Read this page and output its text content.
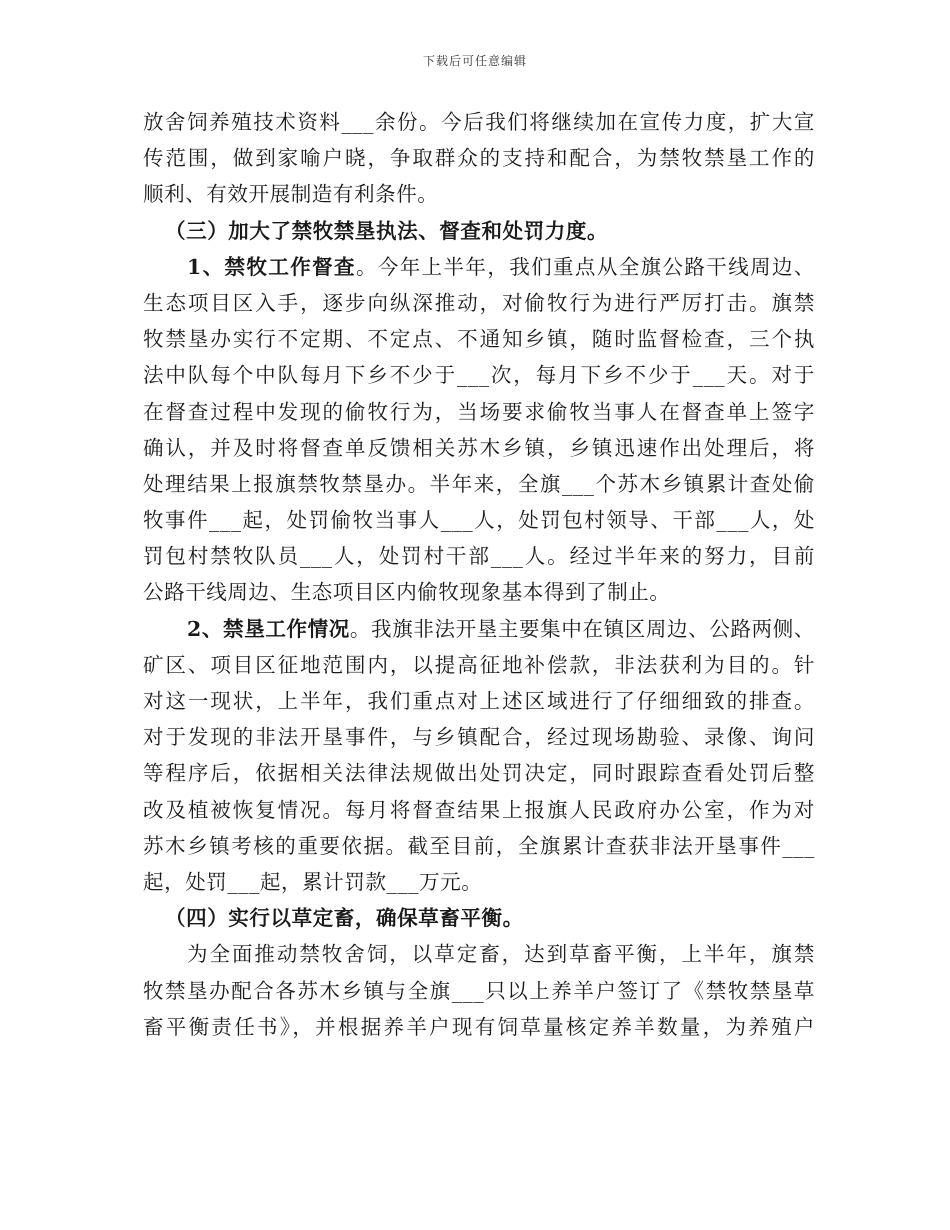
下载后可任意编辑
放舍饲养殖技术资料___余份。今后我们将继续加在宣传力度，扩大宣
传范围，做到家喻户晓，争取群众的支持和配合，为禁牧禁垦工作的
顺利、有效开展制造有利条件。
（三）加大了禁牧禁垦执法、督查和处罚力度。
1、禁牧工作督查。今年上半年，我们重点从全旗公路干线周边、
生态项目区入手，逐步向纵深推动，对偷牧行为进行严厉打击。旗禁
牧禁垦办实行不定期、不定点、不通知乡镇，随时监督检查，三个执
法中队每个中队每月下乡不少于___次，每月下乡不少于___天。对于
在督查过程中发现的偷牧行为，当场要求偷牧当事人在督查单上签字
确认，并及时将督查单反馈相关苏木乡镇，乡镇迅速作出处理后，将
处理结果上报旗禁牧禁垦办。半年来，全旗___个苏木乡镇累计查处偷
牧事件___起，处罚偷牧当事人___人，处罚包村领导、干部___人，处
罚包村禁牧队员___人，处罚村干部___人。经过半年来的努力，目前
公路干线周边、生态项目区内偷牧现象基本得到了制止。
2、禁垦工作情况。我旗非法开垦主要集中在镇区周边、公路两侧、
矿区、项目区征地范围内，以提高征地补偿款，非法获利为目的。针
对这一现状，上半年，我们重点对上述区域进行了仔细细致的排查。
对于发现的非法开垦事件，与乡镇配合，经过现场勘验、录像、询问
等程序后，依据相关法律法规做出处罚决定，同时跟踪查看处罚后整
改及植被恢复情况。每月将督查结果上报旗人民政府办公室，作为对
苏木乡镇考核的重要依据。截至目前，全旗累计查获非法开垦事件___
起，处罚___起，累计罚款___万元。
（四）实行以草定畜，确保草畜平衡。
为全面推动禁牧舍饲，以草定畜，达到草畜平衡，上半年，旗禁
牧禁垦办配合各苏木乡镇与全旗___只以上养羊户签订了《禁牧禁垦草
畜平衡责任书》，并根据养羊户现有饲草量核定养羊数量，为养殖户
